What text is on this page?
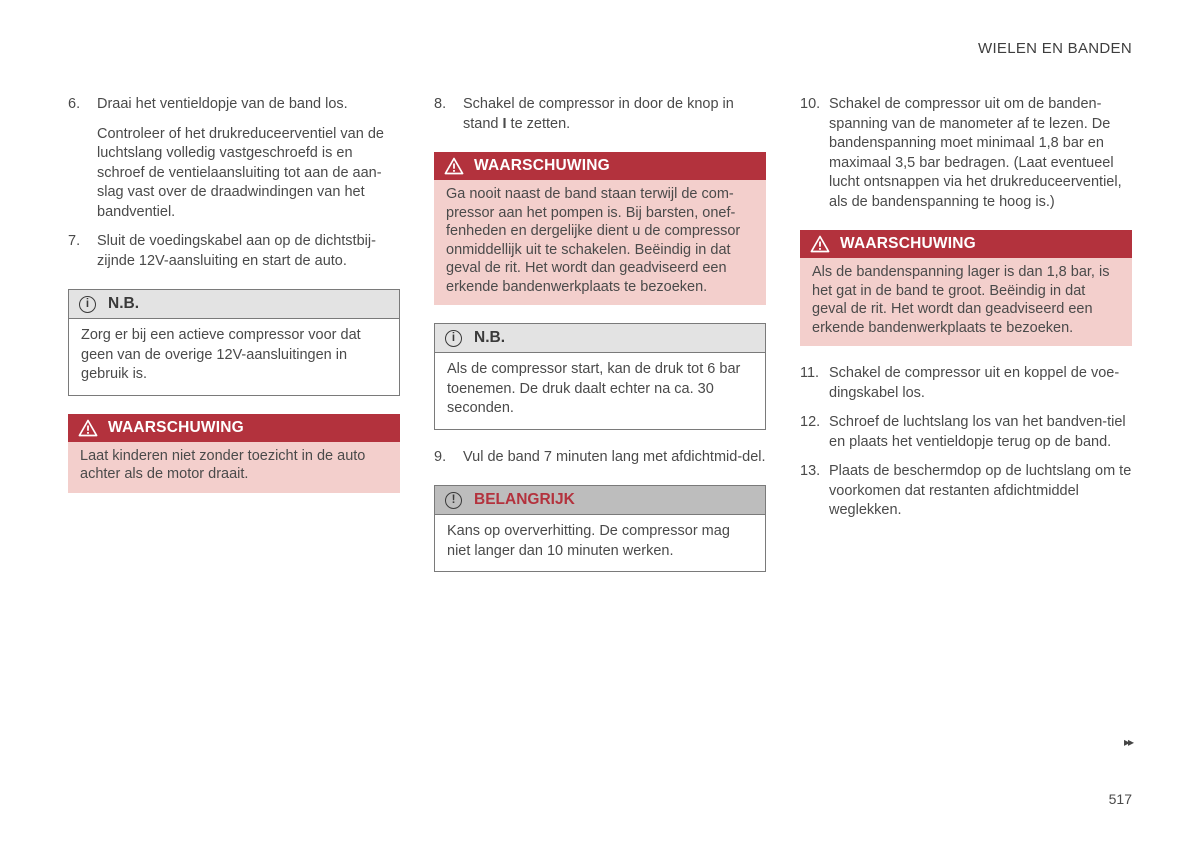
WIELEN EN BANDEN
6.	Draai het ventieldopje van de band los.
Controleer of het drukreduceerventiel van de luchtslang volledig vastgeschroefd is en schroef de ventielaansluiting tot aan de aan-slag vast over de draadwindingen van het bandventiel.
7.	Sluit de voedingskabel aan op de dichtstbij-zijnde 12V-aansluiting en start de auto.
i	N.B.
Zorg er bij een actieve compressor voor dat geen van de overige 12V-aansluitingen in gebruik is.
WAARSCHUWING
Laat kinderen niet zonder toezicht in de auto achter als de motor draait.
8.	Schakel de compressor in door de knop in stand I te zetten.
WAARSCHUWING
Ga nooit naast de band staan terwijl de com-pressor aan het pompen is. Bij barsten, onef-fenheden en dergelijke dient u de compressor onmiddellijk uit te schakelen. Beëindig in dat geval de rit. Het wordt dan geadviseerd een erkende bandenwerkplaats te bezoeken.
i	N.B.
Als de compressor start, kan de druk tot 6 bar toenemen. De druk daalt echter na ca. 30 seconden.
9.	Vul de band 7 minuten lang met afdichtmid-del.
!	BELANGRIJK
Kans op oververhitting. De compressor mag niet langer dan 10 minuten werken.
10. Schakel de compressor uit om de banden-spanning van de manometer af te lezen. De bandenspanning moet minimaal 1,8 bar en maximaal 3,5 bar bedragen. (Laat eventueel lucht ontsnappen via het drukreduceerventiel, als de bandenspanning te hoog is.)
WAARSCHUWING
Als de bandenspanning lager is dan 1,8 bar, is het gat in de band te groot. Beëindig in dat geval de rit. Het wordt dan geadviseerd een erkende bandenwerkplaats te bezoeken.
11. Schakel de compressor uit en koppel de voe-dingskabel los.
12. Schroef de luchtslang los van het bandven-tiel en plaats het ventieldopje terug op de band.
13. Plaats de beschermdop op de luchtslang om te voorkomen dat restanten afdichtmiddel weglekken.
▸▸
517
